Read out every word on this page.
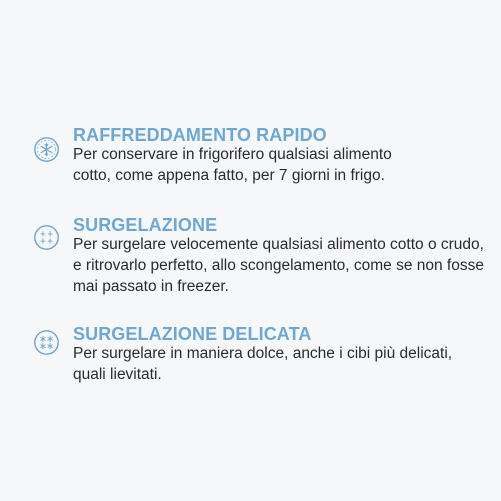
RAFFREDDAMENTO RAPIDO

Per conservare in frigorifero qualsiasi alimento
cotto, come appena fatto, per 7 giorni in frigo.

SURGELAZIONE

Per surgelare velocemente qualsiasi alimento cotto o crudo,
e ritrovarlo perfetto, allo scongelamento, come se non fosse
mai passato in freezer.

SURGELAZIONE DELICATA

Per surgelare in maniera dolce, anche i cibi più delicati,
quali lievitati.
